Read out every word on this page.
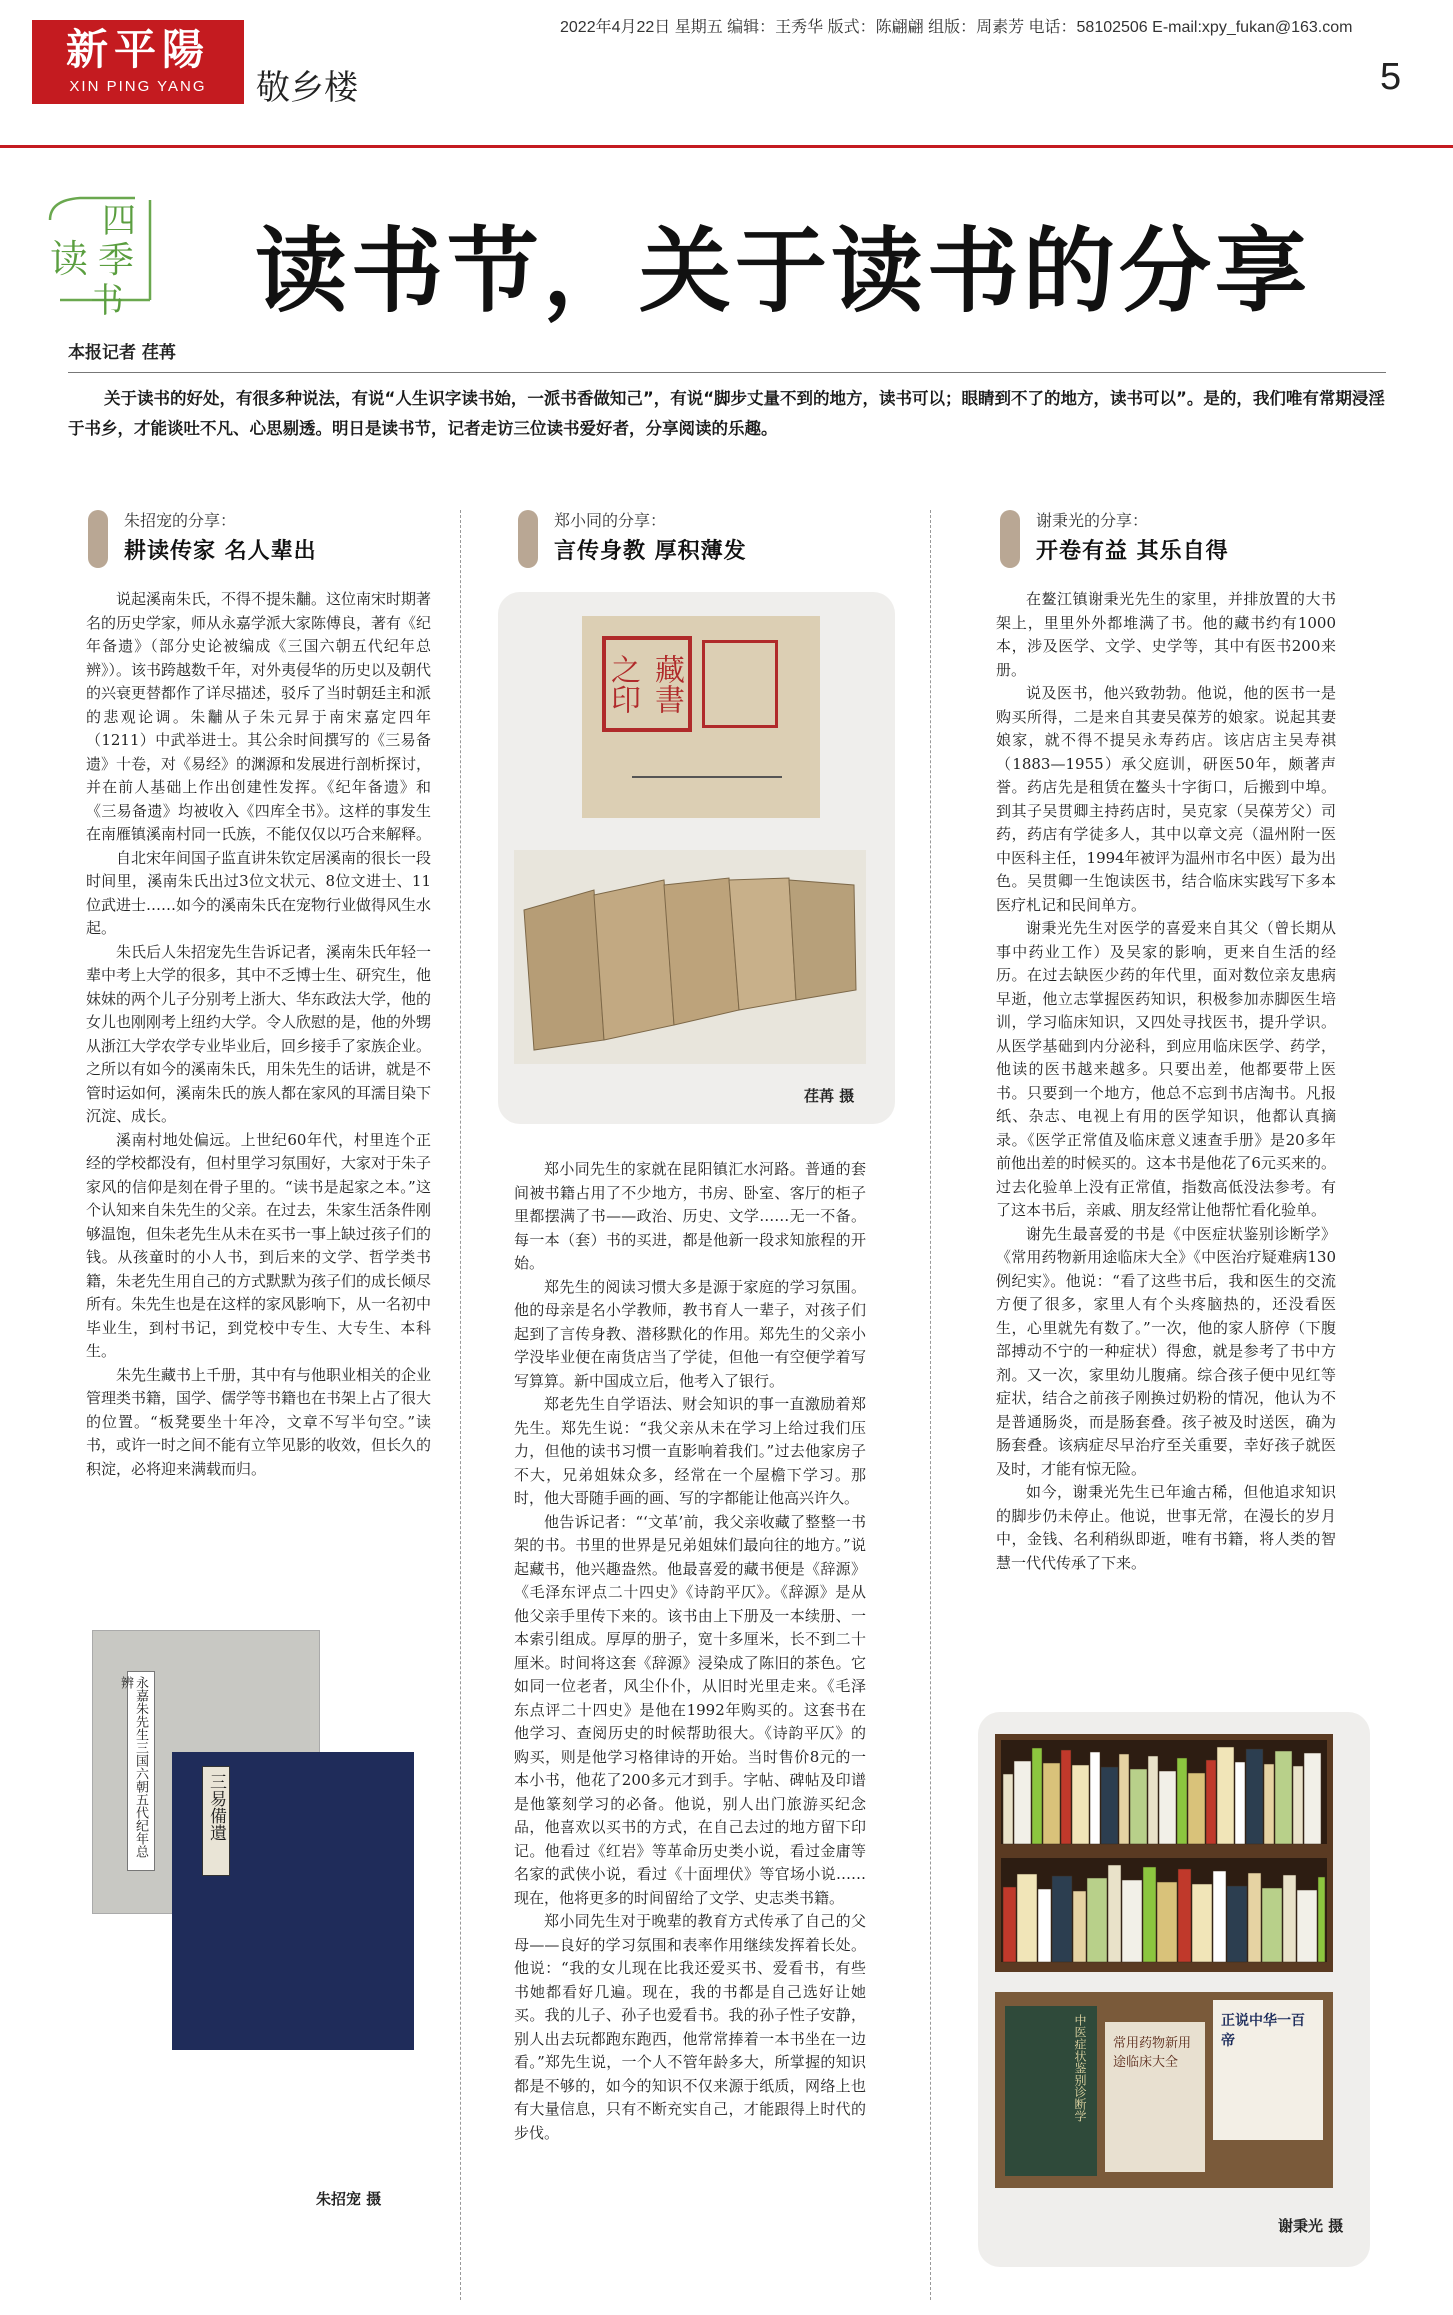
新平陽
XIN PING YANG
2022年4月22日 星期五 编辑：王秀华 版式：陈翩翩 组版：周素芳 电话：58102506 E-mail:xpy_fukan@163.com
敬乡楼	5
四
读 季
书 读书节，关于读书的分享
本报记者 荏苒
关于读书的好处，有很多种说法，有说“人生识字读书始，一派书香做知己”，有说“脚步丈量不到的地方，读书可以；眼睛到不了的地方，读书可以”。是的，我们唯有常期浸淫于书乡，才能谈吐不凡、心思剔透。明日是读书节，记者走访三位读书爱好者，分享阅读的乐趣。
朱招宠的分享：
耕读传家 名人辈出

说起溪南朱氏，不得不提朱黼。这位南宋时期著名的历史学家，师从永嘉学派大家陈傅良，著有《纪年备遗》（部分史论被编成《三国六朝五代纪年总辨》）。该书跨越数千年，对外夷侵华的历史以及朝代的兴衰更替都作了详尽描述，驳斥了当时朝廷主和派的悲观论调。朱黼从子朱元昇于南宋嘉定四年（1211）中武举进士。其公余时间撰写的《三易备遗》十卷，对《易经》的渊源和发展进行剖析探讨，并在前人基础上作出创建性发挥。《纪年备遗》和《三易备遗》均被收入《四库全书》。这样的事发生在南雁镇溪南村同一氏族，不能仅仅以巧合来解释。

自北宋年间国子监直讲朱钦定居溪南的很长一段时间里，溪南朱氏出过3位文状元、8位文进士、11位武进士……如今的溪南朱氏在宠物行业做得风生水起。

朱氏后人朱招宠先生告诉记者，溪南朱氏年轻一辈中考上大学的很多，其中不乏博士生、研究生，他妹妹的两个儿子分别考上浙大、华东政法大学，他的女儿也刚刚考上纽约大学。令人欣慰的是，他的外甥从浙江大学农学专业毕业后，回乡接手了家族企业。之所以有如今的溪南朱氏，用朱先生的话讲，就是不管时运如何，溪南朱氏的族人都在家风的耳濡目染下沉淀、成长。

溪南村地处偏远。上世纪60年代，村里连个正经的学校都没有，但村里学习氛围好，大家对于朱子家风的信仰是刻在骨子里的。“读书是起家之本。”这个认知来自朱先生的父亲。在过去，朱家生活条件刚够温饱，但朱老先生从未在买书一事上缺过孩子们的钱。从孩童时的小人书，到后来的文学、哲学类书籍，朱老先生用自己的方式默默为孩子们的成长倾尽所有。朱先生也是在这样的家风影响下，从一名初中毕业生，到村书记，到党校中专生、大专生、本科生。

朱先生藏书上千册，其中有与他职业相关的企业管理类书籍，国学、儒学等书籍也在书架上占了很大的位置。“板凳要坐十年冷，文章不写半句空。”读书，或许一时之间不能有立竿见影的收效，但长久的积淀，必将迎来满载而归。

永嘉朱先生三国六朝五代纪年总辨
三易備遺
朱招宠 摄
郑小同的分享：
言传身教 厚积薄发
藏書之印
荏苒 摄

郑小同先生的家就在昆阳镇汇水河路。普通的套间被书籍占用了不少地方，书房、卧室、客厅的柜子里都摆满了书——政治、历史、文学……无一不备。每一本（套）书的买进，都是他新一段求知旅程的开始。

郑先生的阅读习惯大多是源于家庭的学习氛围。他的母亲是名小学教师，教书育人一辈子，对孩子们起到了言传身教、潜移默化的作用。郑先生的父亲小学没毕业便在南货店当了学徒，但他一有空便学着写写算算。新中国成立后，他考入了银行。

郑老先生自学语法、财会知识的事一直激励着郑先生。郑先生说：“我父亲从未在学习上给过我们压力，但他的读书习惯一直影响着我们。”过去他家房子不大，兄弟姐妹众多，经常在一个屋檐下学习。那时，他大哥随手画的画、写的字都能让他高兴许久。

他告诉记者：“‘文革’前，我父亲收藏了整整一书架的书。书里的世界是兄弟姐妹们最向往的地方。”说起藏书，他兴趣盎然。他最喜爱的藏书便是《辞源》《毛泽东评点二十四史》《诗韵平仄》。《辞源》是从他父亲手里传下来的。该书由上下册及一本续册、一本索引组成。厚厚的册子，宽十多厘米，长不到二十厘米。时间将这套《辞源》浸染成了陈旧的茶色。它如同一位老者，风尘仆仆，从旧时光里走来。《毛泽东点评二十四史》是他在1992年购买的。这套书在他学习、查阅历史的时候帮助很大。《诗韵平仄》的购买，则是他学习格律诗的开始。当时售价8元的一本小书，他花了200多元才到手。字帖、碑帖及印谱是他篆刻学习的必备。他说，别人出门旅游买纪念品，他喜欢以买书的方式，在自己去过的地方留下印记。他看过《红岩》等革命历史类小说，看过金庸等名家的武侠小说，看过《十面埋伏》等官场小说……现在，他将更多的时间留给了文学、史志类书籍。

郑小同先生对于晚辈的教育方式传承了自己的父母——良好的学习氛围和表率作用继续发挥着长处。他说：“我的女儿现在比我还爱买书、爱看书，有些书她都看好几遍。现在，我的书都是自己选好让她买。我的儿子、孙子也爱看书。我的孙子性子安静，别人出去玩都跑东跑西，他常常捧着一本书坐在一边看。”郑先生说，一个人不管年龄多大，所掌握的知识都是不够的，如今的知识不仅来源于纸质，网络上也有大量信息，只有不断充实自己，才能跟得上时代的步伐。

谢秉光的分享：
开卷有益 其乐自得

在鳌江镇谢秉光先生的家里，并排放置的大书架上，里里外外都堆满了书。他的藏书约有1000本，涉及医学、文学、史学等，其中有医书200来册。

说及医书，他兴致勃勃。他说，他的医书一是购买所得，二是来自其妻吴葆芳的娘家。说起其妻娘家，就不得不提吴永寿药店。该店店主吴寿祺（1883—1955）承父庭训，研医50年，颇著声誉。药店先是租赁在鳌头十字街口，后搬到中埠。到其子吴贯卿主持药店时，吴克家（吴葆芳父）司药，药店有学徒多人，其中以章文亮（温州附一医中医科主任，1994年被评为温州市名中医）最为出色。吴贯卿一生饱读医书，结合临床实践写下多本医疗札记和民间单方。

谢秉光先生对医学的喜爱来自其父（曾长期从事中药业工作）及吴家的影响，更来自生活的经历。在过去缺医少药的年代里，面对数位亲友患病早逝，他立志掌握医药知识，积极参加赤脚医生培训，学习临床知识，又四处寻找医书，提升学识。从医学基础到内分泌科，到应用临床医学、药学，他读的医书越来越多。只要出差，他都要带上医书。只要到一个地方，他总不忘到书店淘书。凡报纸、杂志、电视上有用的医学知识，他都认真摘录。《医学正常值及临床意义速查手册》是20多年前他出差的时候买的。这本书是他花了6元买来的。过去化验单上没有正常值，指数高低没法参考。有了这本书后，亲戚、朋友经常让他帮忙看化验单。

谢先生最喜爱的书是《中医症状鉴别诊断学》《常用药物新用途临床大全》《中医治疗疑难病130例纪实》。他说：“看了这些书后，我和医生的交流方便了很多，家里人有个头疼脑热的，还没看医生，心里就先有数了。”一次，他的家人脐停（下腹部搏动不宁的一种症状）得愈，就是参考了书中方剂。又一次，家里幼儿腹痛。综合孩子便中见红等症状，结合之前孩子刚换过奶粉的情况，他认为不是普通肠炎，而是肠套叠。孩子被及时送医，确为肠套叠。该病症尽早治疗至关重要，幸好孩子就医及时，才能有惊无险。

如今，谢秉光先生已年逾古稀，但他追求知识的脚步仍未停止。他说，世事无常，在漫长的岁月中，金钱、名利稍纵即逝，唯有书籍，将人类的智慧一代代传承了下来。

中医症状鉴别诊断学	常用药物新用途临床大全
正说中华一百帝
谢秉光 摄
